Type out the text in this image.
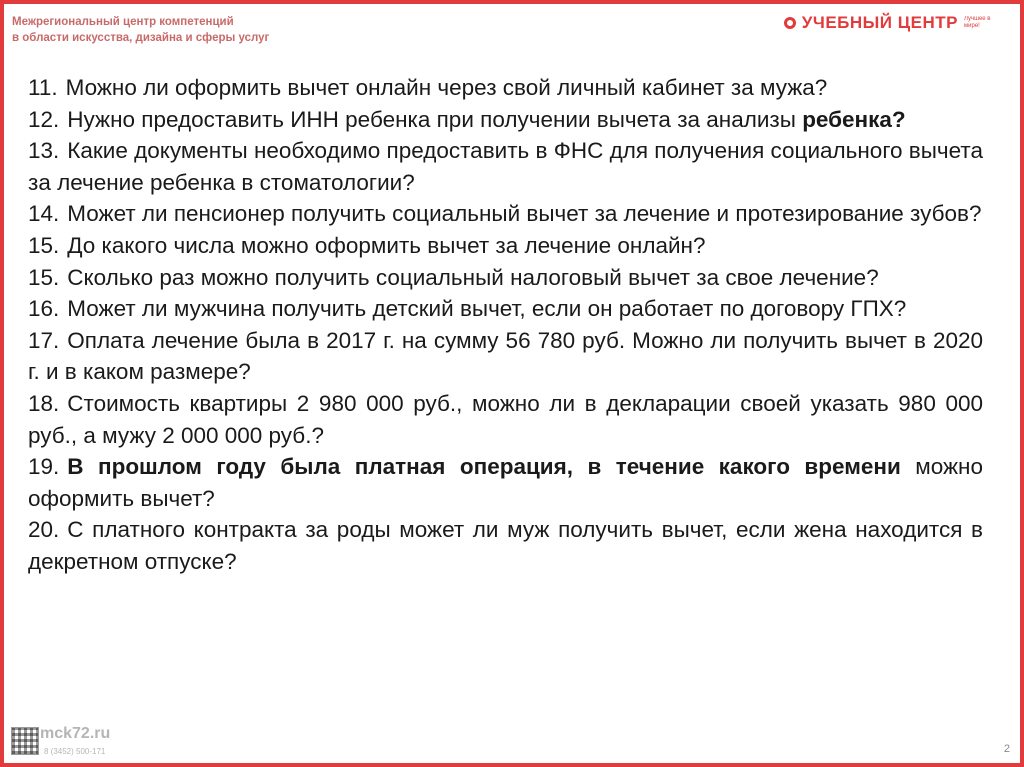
Межрегиональный центр компетенций
в области искусства, дизайна и сферы услуг
УЧЕБНЫЙ ЦЕНТР Лучшее в мире!
11. Можно ли оформить вычет онлайн через свой личный кабинет за мужа?
12. Нужно предоставить ИНН ребенка при получении вычета за анализы ребенка?
13. Какие документы необходимо предоставить в ФНС для получения социального вычета за лечение ребенка в стоматологии?
14. Может ли пенсионер получить социальный вычет за лечение и протезирование зубов?
15. До какого числа можно оформить вычет за лечение онлайн?
15. Сколько раз можно получить социальный налоговый вычет за свое лечение?
16. Может ли мужчина получить детский вычет, если он работает по договору ГПХ?
17. Оплата лечение была в 2017 г. на сумму 56 780 руб. Можно ли получить вычет в 2020 г. и в каком размере?
18. Стоимость квартиры 2 980 000 руб., можно ли в декларации своей указать 980 000 руб., а мужу 2 000 000 руб.?
19. В прошлом году была платная операция, в течение какого времени можно оформить вычет?
20. С платного контракта за роды может ли муж получить вычет, если жена находится в декретном отпуске?
mck72.ru
8 (3452) 500-171	2
